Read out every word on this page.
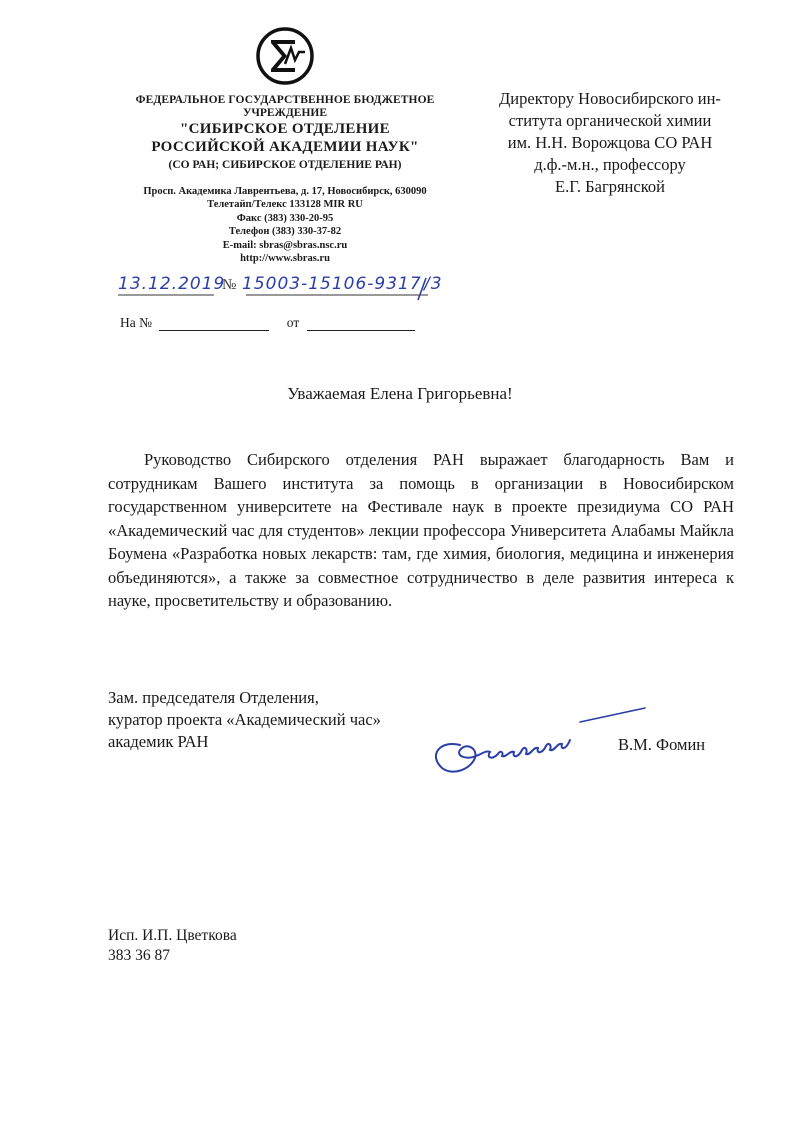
ФЕДЕРАЛЬНОЕ ГОСУДАРСТВЕННОЕ БЮДЖЕТНОЕ
УЧРЕЖДЕНИЕ
"СИБИРСКОЕ ОТДЕЛЕНИЕ
РОССИЙСКОЙ АКАДЕМИИ НАУК"
(СО РАН; СИБИРСКОЕ ОТДЕЛЕНИЕ РАН)
Просп. Академика Лаврентьева, д. 17, Новосибирск, 630090
Телетайп/Телекс 133128 MIR RU
Факс (383) 330-20-95
Телефон (383) 330-37-82
E-mail: sbras@sbras.nsc.ru
http://www.sbras.ru
Директору Новосибирского ин-
ститута органической химии
им. Н.Н. Ворожцова СО РАН
д.ф.-м.н., профессору
Е.Г. Багрянской
13.12.2019
№ 15003-15106-9317 /3
На №	от
Уважаемая Елена Григорьевна!
Руководство Сибирского отделения РАН выражает благодарность Вам и сотрудникам Вашего института за помощь в организации в Новосибирском государственном университете на Фестивале наук в проекте президиума СО РАН «Академический час для студентов» лекции профессора Университета Алабамы Майкла Боумена «Разработка новых лекарств: там, где химия, биология, медицина и инженерия объединяются», а также за совместное сотрудничество в деле развития интереса к науке, просветительству и образованию.
Зам. председателя Отделения,
куратор проекта «Академический час»
академик РАН	В.М. Фомин
Исп. И.П. Цветкова
383 36 87
